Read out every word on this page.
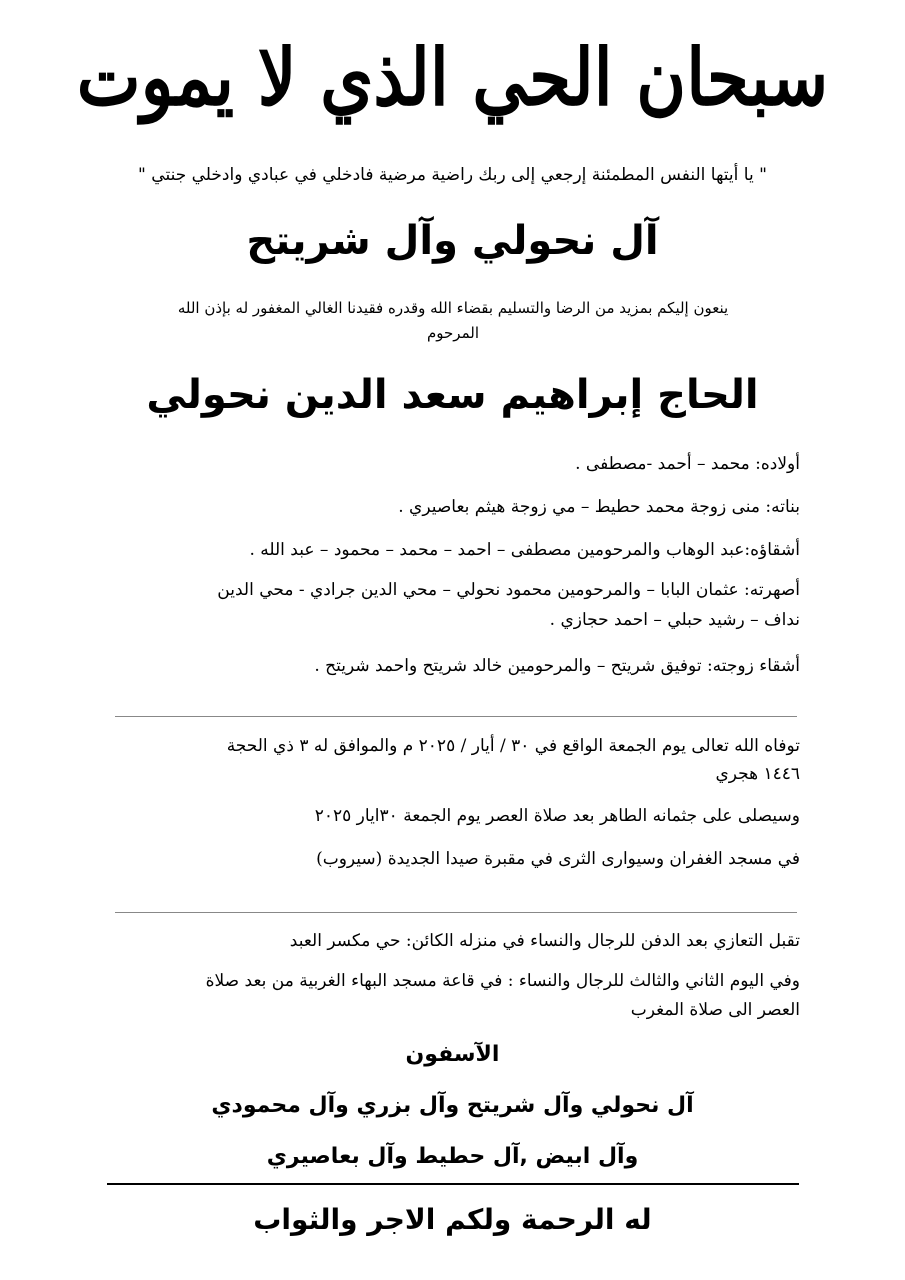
سبحان الحي الذي لا يموت
" يا أيتها النفس المطمئنة إرجعي إلى ربك راضية مرضية فادخلي في عبادي وادخلي جنتي "
آل نحولي وآل شريتح
ينعون إليكم بمزيد من الرضا والتسليم بقضاء الله وقدره فقيدنا الغالي المغفور له بإذن الله
المرحوم
الحاج إبراهيم سعد الدين نحولي
أولاده: محمد – أحمد -مصطفى .
بناته: منى زوجة محمد حطيط – مي زوجة هيثم بعاصيري .
أشقاؤه:عبد الوهاب والمرحومين مصطفى – احمد – محمد – محمود – عبد الله .
أصهرته: عثمان البابا – والمرحومين محمود نحولي – محي الدين جرادي - محي الدين
نداف – رشيد حبلي – احمد حجازي .
أشقاء زوجته: توفيق شريتح – والمرحومين خالد شريتح واحمد شريتح .
توفاه الله تعالى يوم الجمعة الواقع في ٣٠ / أيار / ٢٠٢٥ م والموافق له ٣ ذي الحجة
١٤٤٦ هجري
وسيصلى على جثمانه الطاهر بعد صلاة العصر يوم الجمعة ٣٠ايار ٢٠٢٥
في مسجد الغفران وسيوارى الثرى في مقبرة صيدا الجديدة (سيروب)
تقبل التعازي بعد الدفن للرجال والنساء في منزله الكائن: حي مكسر العبد
وفي اليوم الثاني والثالث للرجال والنساء : في قاعة مسجد البهاء الغربية من بعد صلاة
العصر الى صلاة المغرب
الآسفون
آل نحولي وآل شريتح وآل بزري وآل محمودي
وآل ابيض ,آل حطيط وآل بعاصيري
له الرحمة ولكم الاجر والثواب
